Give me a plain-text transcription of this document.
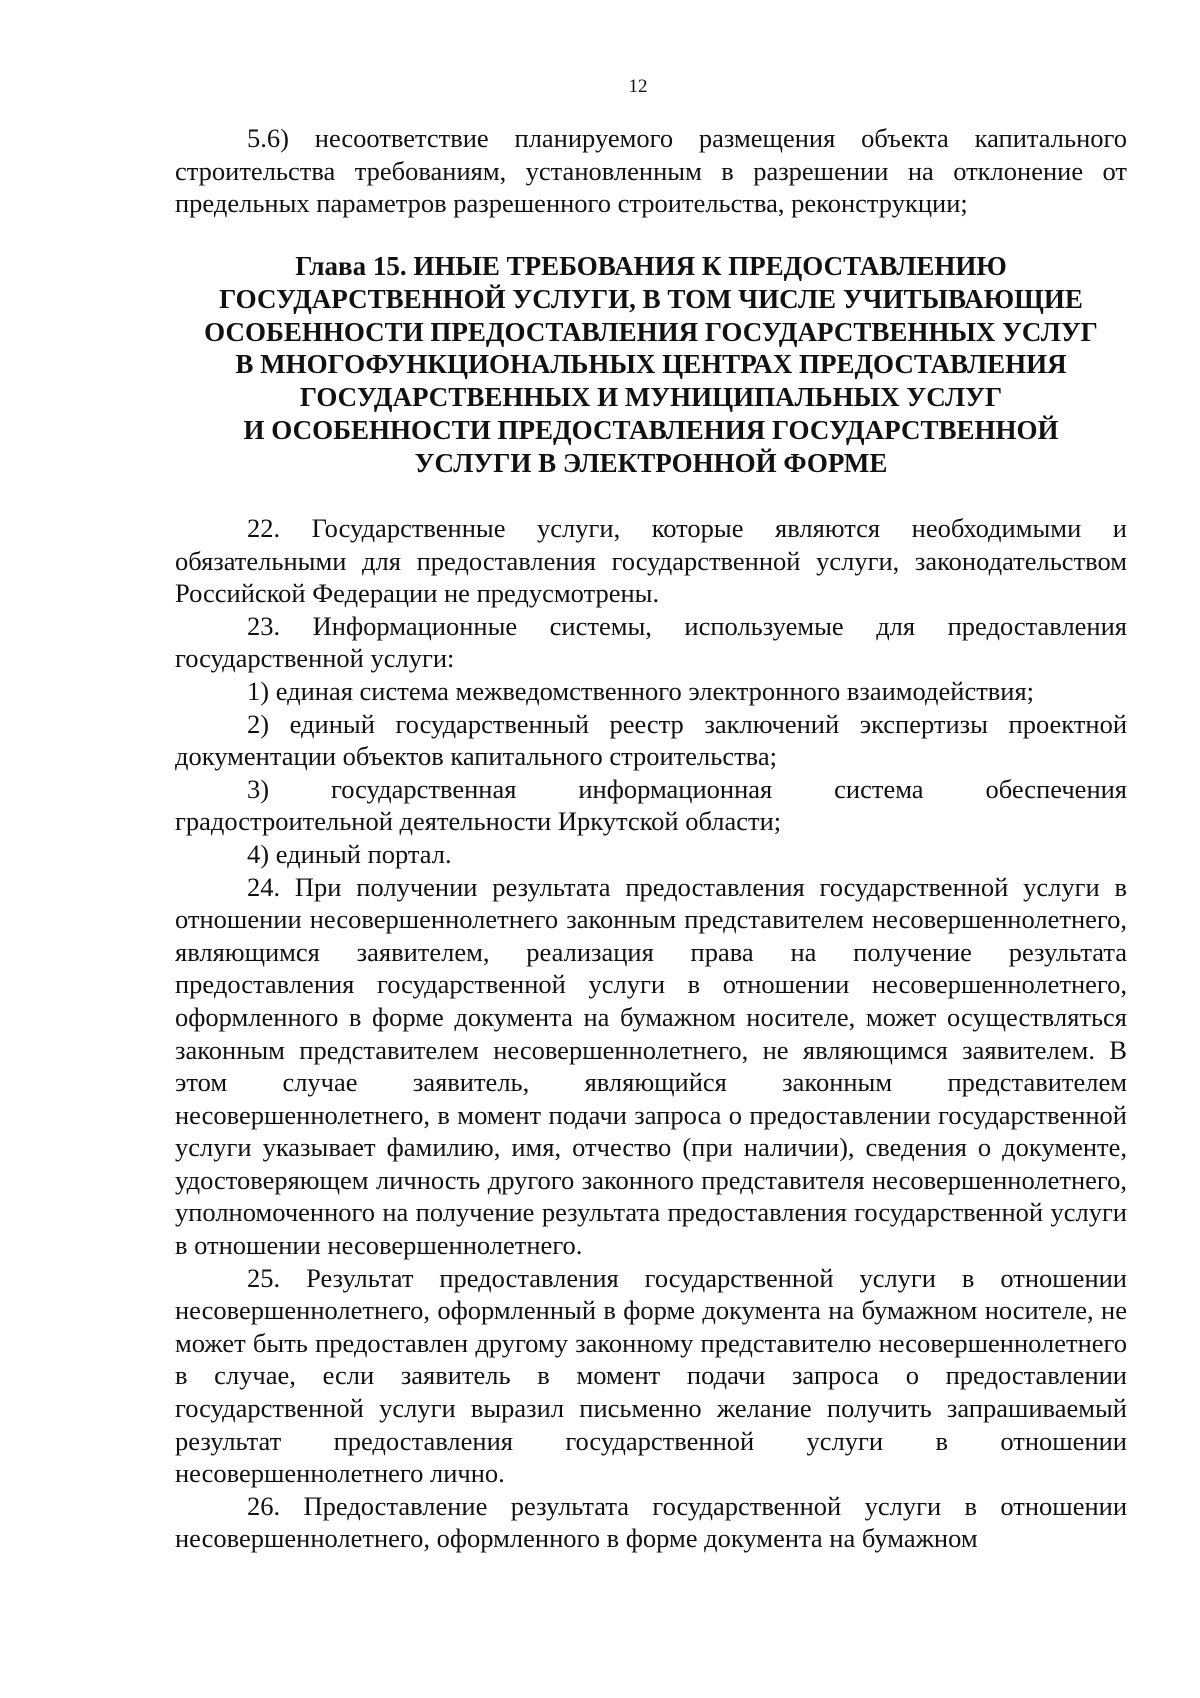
12

5.6) несоответствие планируемого размещения объекта капитального строительства требованиям, установленным в разрешении на отклонение от предельных параметров разрешенного строительства, реконструкции;

Глава 15. ИНЫЕ ТРЕБОВАНИЯ К ПРЕДОСТАВЛЕНИЮ
ГОСУДАРСТВЕННОЙ УСЛУГИ, В ТОМ ЧИСЛЕ УЧИТЫВАЮЩИЕ
ОСОБЕННОСТИ ПРЕДОСТАВЛЕНИЯ ГОСУДАРСТВЕННЫХ УСЛУГ
В МНОГОФУНКЦИОНАЛЬНЫХ ЦЕНТРАХ ПРЕДОСТАВЛЕНИЯ
ГОСУДАРСТВЕННЫХ И МУНИЦИПАЛЬНЫХ УСЛУГ
И ОСОБЕННОСТИ ПРЕДОСТАВЛЕНИЯ ГОСУДАРСТВЕННОЙ
УСЛУГИ В ЭЛЕКТРОННОЙ ФОРМЕ

22. Государственные услуги, которые являются необходимыми и обязательными для предоставления государственной услуги, законодательством Российской Федерации не предусмотрены.

23. Информационные системы, используемые для предоставления государственной услуги:

1) единая система межведомственного электронного взаимодействия;

2) единый государственный реестр заключений экспертизы проектной документации объектов капитального строительства;

3) государственная информационная система обеспечения градостроительной деятельности Иркутской области;

4) единый портал.

24. При получении результата предоставления государственной услуги в отношении несовершеннолетнего законным представителем несовершеннолетнего, являющимся заявителем, реализация права на получение результата предоставления государственной услуги в отношении несовершеннолетнего, оформленного в форме документа на бумажном носителе, может осуществляться законным представителем несовершеннолетнего, не являющимся заявителем. В этом случае заявитель, являющийся законным представителем несовершеннолетнего, в момент подачи запроса о предоставлении государственной услуги указывает фамилию, имя, отчество (при наличии), сведения о документе, удостоверяющем личность другого законного представителя несовершеннолетнего, уполномоченного на получение результата предоставления государственной услуги в отношении несовершеннолетнего.

25. Результат предоставления государственной услуги в отношении несовершеннолетнего, оформленный в форме документа на бумажном носителе, не может быть предоставлен другому законному представителю несовершеннолетнего в случае, если заявитель в момент подачи запроса о предоставлении государственной услуги выразил письменно желание получить запрашиваемый результат предоставления государственной услуги в отношении несовершеннолетнего лично.

26. Предоставление результата государственной услуги в отношении несовершеннолетнего, оформленного в форме документа на бумажном
